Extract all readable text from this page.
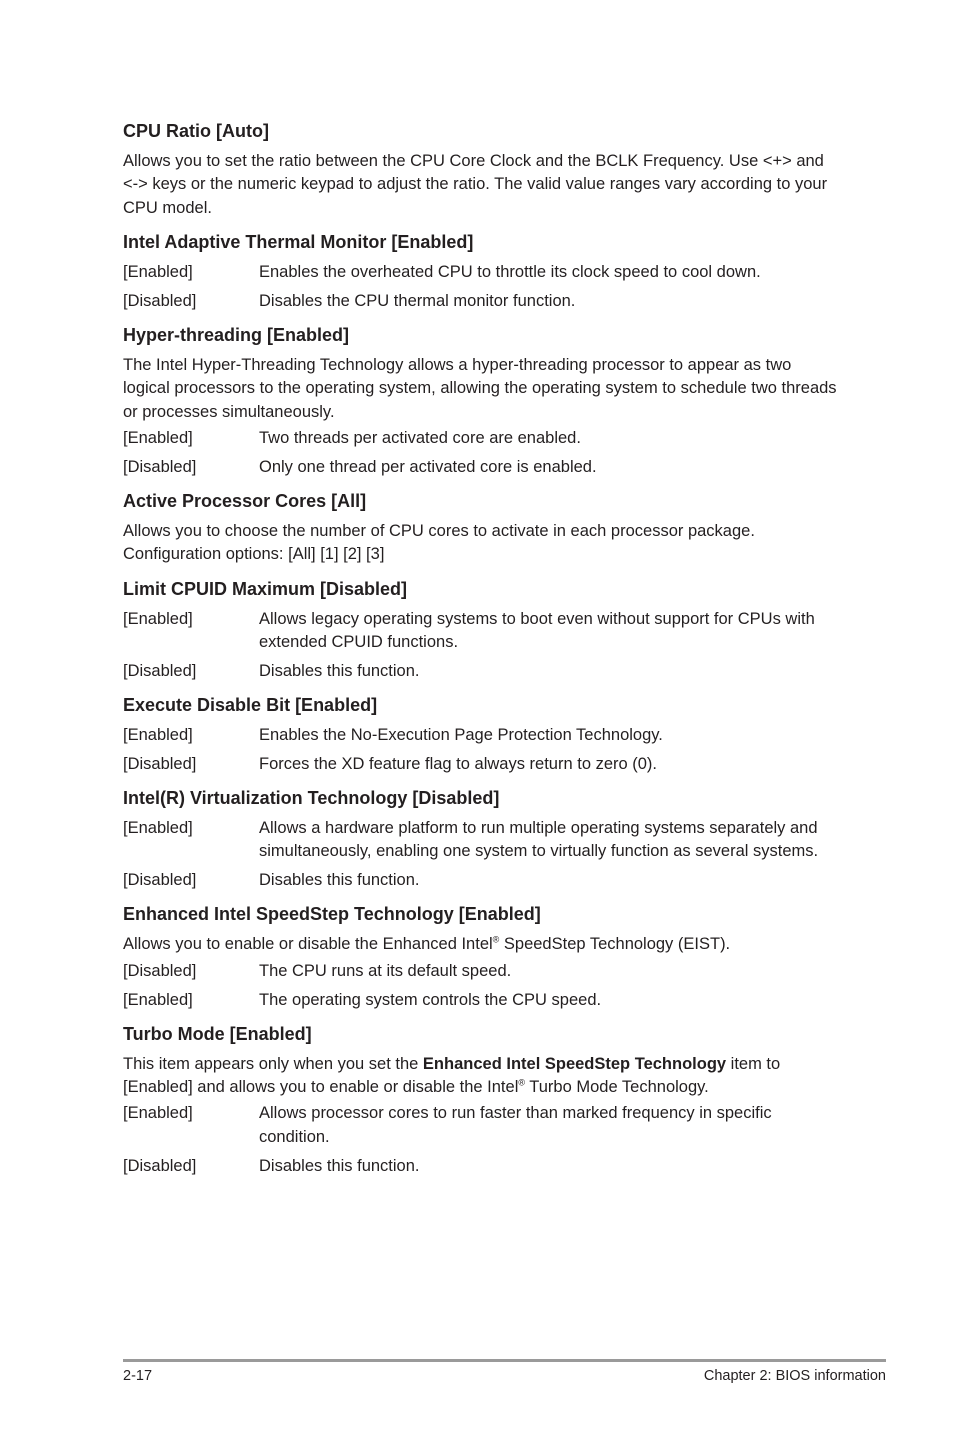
CPU Ratio [Auto]
Allows you to set the ratio between the CPU Core Clock and the BCLK Frequency. Use <+> and <-> keys or the numeric keypad to adjust the ratio. The valid value ranges vary according to your CPU model.
Intel Adaptive Thermal Monitor [Enabled]
[Enabled]	Enables the overheated CPU to throttle its clock speed to cool down.
[Disabled]	Disables the CPU thermal monitor function.
Hyper-threading [Enabled]
The Intel Hyper-Threading Technology allows a hyper-threading processor to appear as two logical processors to the operating system, allowing the operating system to schedule two threads or processes simultaneously.
[Enabled]	Two threads per activated core are enabled.
[Disabled]	Only one thread per activated core is enabled.
Active Processor Cores [All]
Allows you to choose the number of CPU cores to activate in each processor package. Configuration options: [All] [1] [2] [3]
Limit CPUID Maximum [Disabled]
[Enabled]	Allows legacy operating systems to boot even without support for CPUs with extended CPUID functions.
[Disabled]	Disables this function.
Execute Disable Bit [Enabled]
[Enabled]	Enables the No-Execution Page Protection Technology.
[Disabled]	Forces the XD feature flag to always return to zero (0).
Intel(R) Virtualization Technology [Disabled]
[Enabled]	Allows a hardware platform to run multiple operating systems separately and simultaneously, enabling one system to virtually function as several systems.
[Disabled]	Disables this function.
Enhanced Intel SpeedStep Technology [Enabled]
Allows you to enable or disable the Enhanced Intel® SpeedStep Technology (EIST).
[Disabled]	The CPU runs at its default speed.
[Enabled]	The operating system controls the CPU speed.
Turbo Mode [Enabled]
This item appears only when you set the Enhanced Intel SpeedStep Technology item to [Enabled] and allows you to enable or disable the Intel® Turbo Mode Technology.
[Enabled]	Allows processor cores to run faster than marked frequency in specific condition.
[Disabled]	Disables this function.
2-17	Chapter 2: BIOS information
